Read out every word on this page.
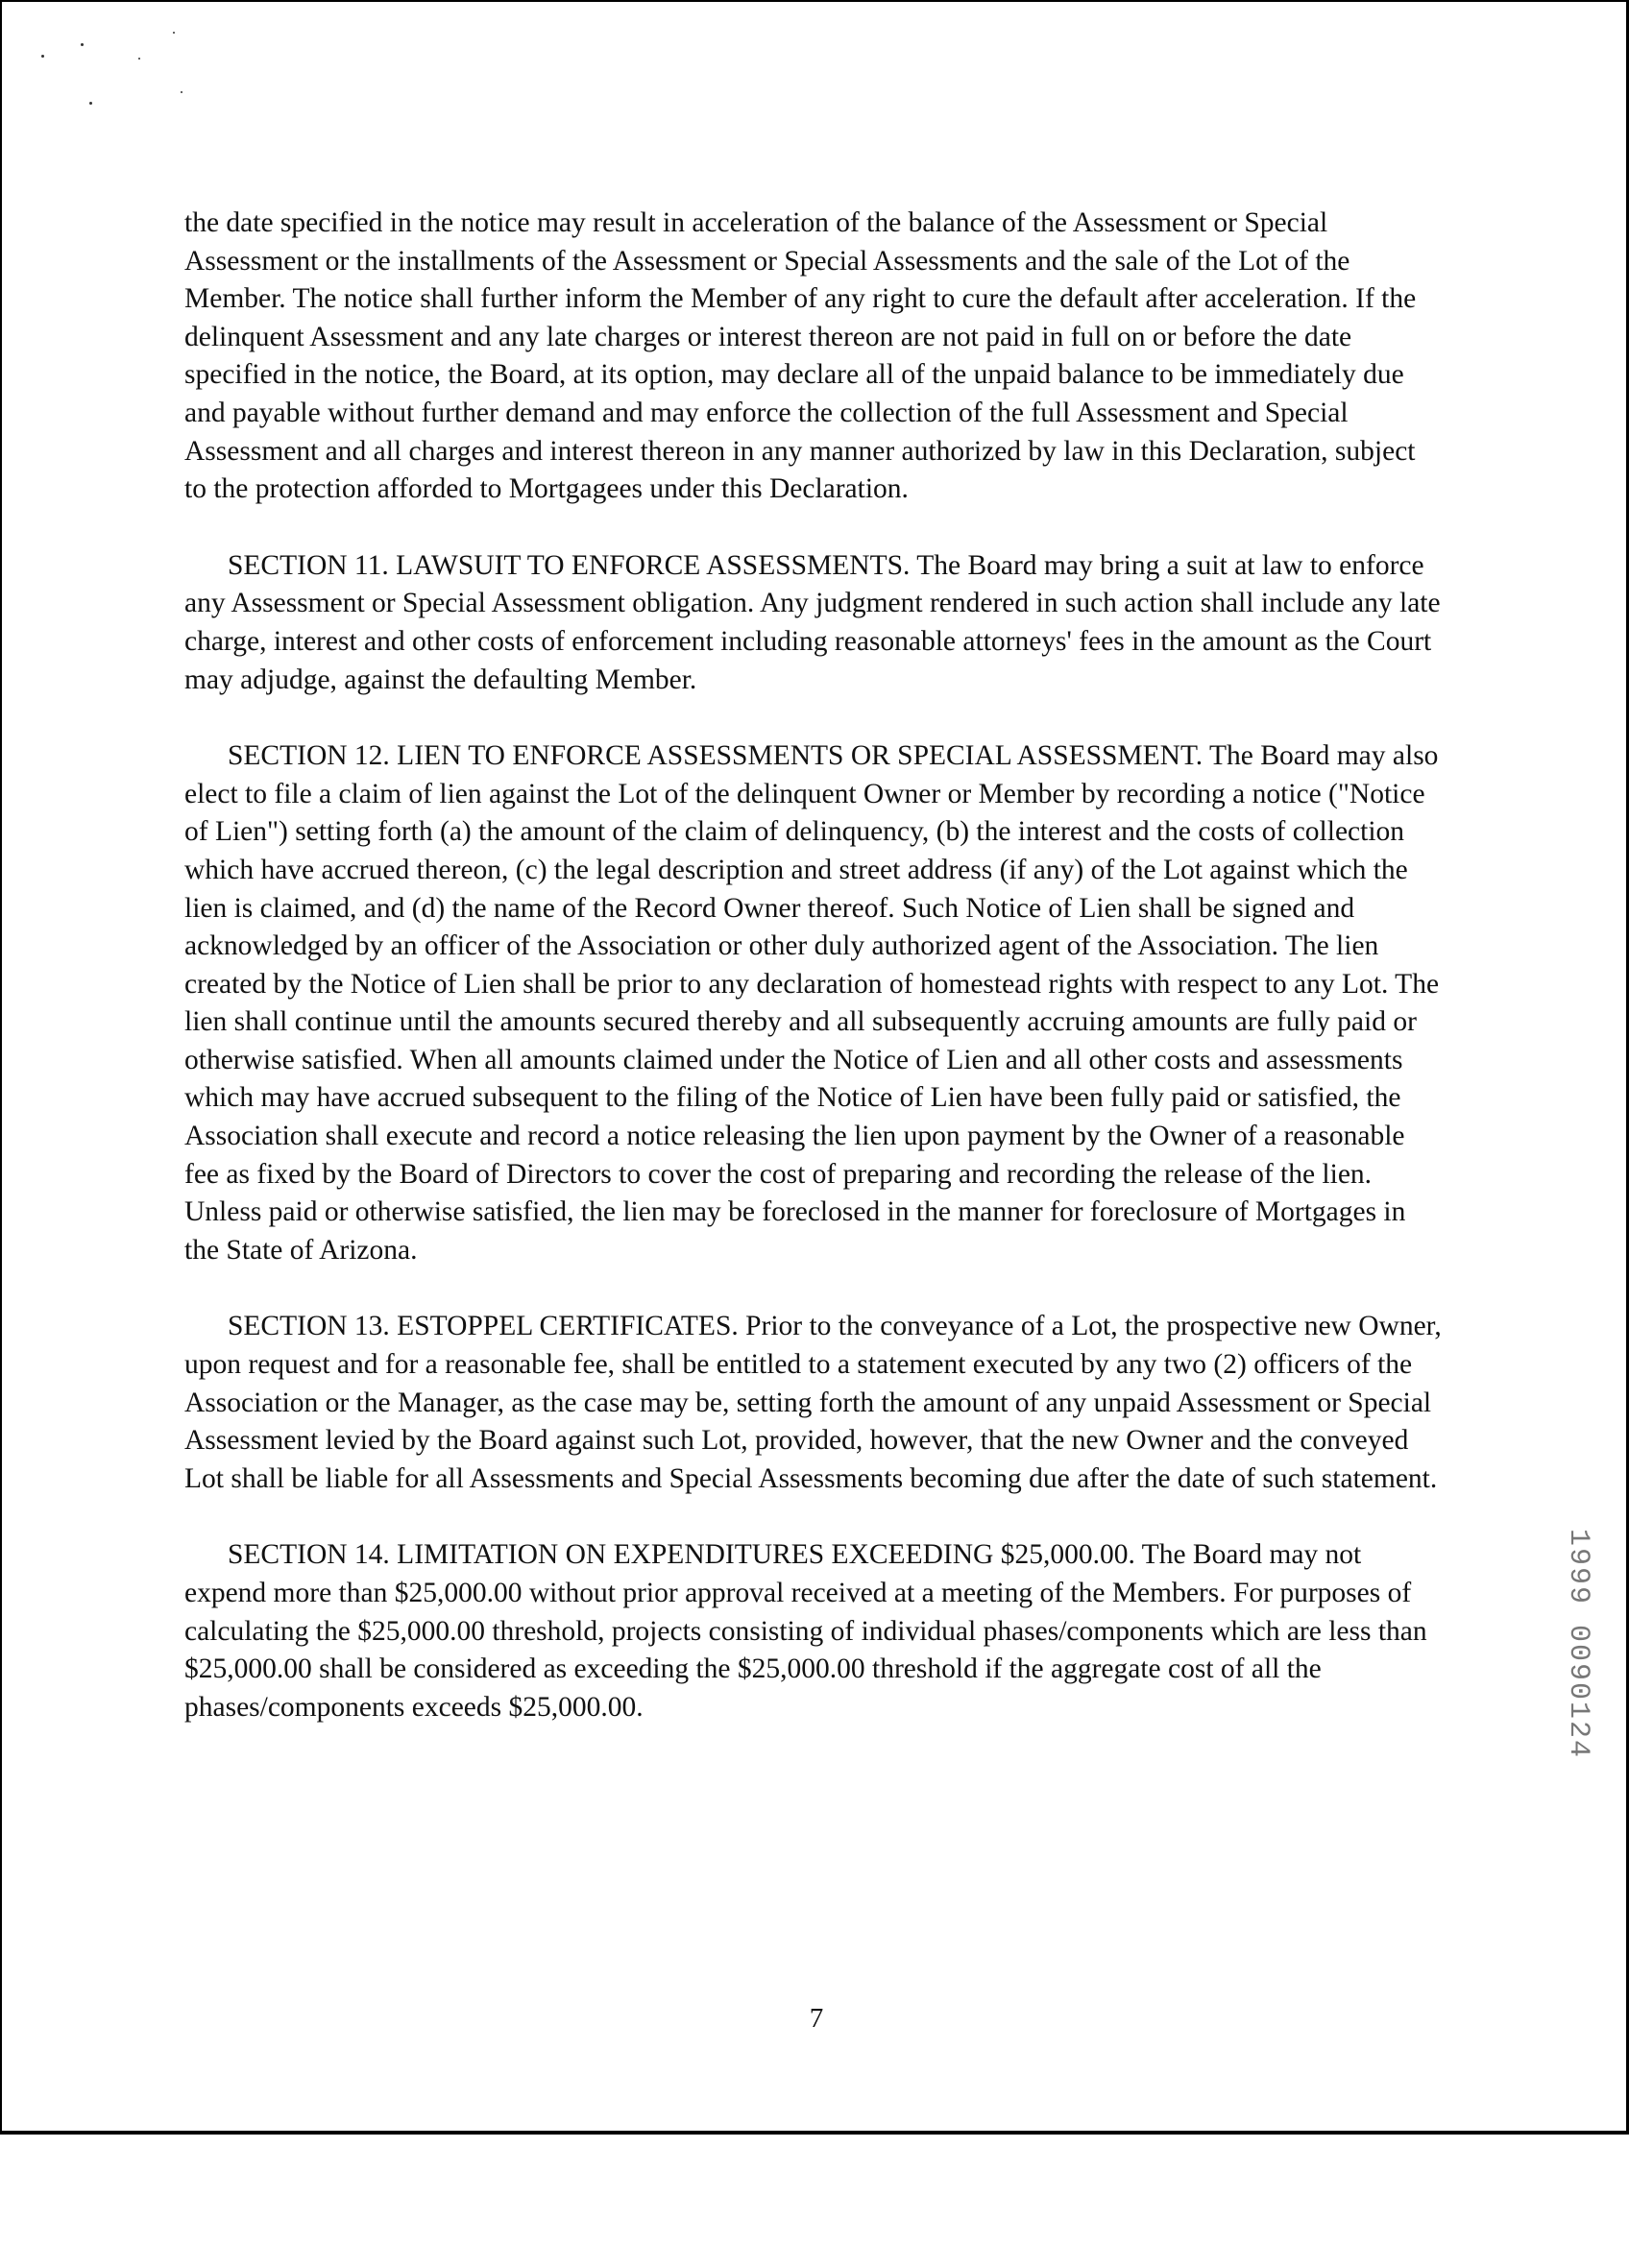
the date specified in the notice may result in acceleration of the balance of the Assessment or Special Assessment or the installments of the Assessment or Special Assessments and the sale of the Lot of the Member. The notice shall further inform the Member of any right to cure the default after acceleration. If the delinquent Assessment and any late charges or interest thereon are not paid in full on or before the date specified in the notice, the Board, at its option, may declare all of the unpaid balance to be immediately due and payable without further demand and may enforce the collection of the full Assessment and Special Assessment and all charges and interest thereon in any manner authorized by law in this Declaration, subject to the protection afforded to Mortgagees under this Declaration.

SECTION 11. LAWSUIT TO ENFORCE ASSESSMENTS. The Board may bring a suit at law to enforce any Assessment or Special Assessment obligation. Any judgment rendered in such action shall include any late charge, interest and other costs of enforcement including reasonable attorneys' fees in the amount as the Court may adjudge, against the defaulting Member.

SECTION 12. LIEN TO ENFORCE ASSESSMENTS OR SPECIAL ASSESSMENT. The Board may also elect to file a claim of lien against the Lot of the delinquent Owner or Member by recording a notice ("Notice of Lien") setting forth (a) the amount of the claim of delinquency, (b) the interest and the costs of collection which have accrued thereon, (c) the legal description and street address (if any) of the Lot against which the lien is claimed, and (d) the name of the Record Owner thereof. Such Notice of Lien shall be signed and acknowledged by an officer of the Association or other duly authorized agent of the Association. The lien created by the Notice of Lien shall be prior to any declaration of homestead rights with respect to any Lot. The lien shall continue until the amounts secured thereby and all subsequently accruing amounts are fully paid or otherwise satisfied. When all amounts claimed under the Notice of Lien and all other costs and assessments which may have accrued subsequent to the filing of the Notice of Lien have been fully paid or satisfied, the Association shall execute and record a notice releasing the lien upon payment by the Owner of a reasonable fee as fixed by the Board of Directors to cover the cost of preparing and recording the release of the lien. Unless paid or otherwise satisfied, the lien may be foreclosed in the manner for foreclosure of Mortgages in the State of Arizona.

SECTION 13. ESTOPPEL CERTIFICATES. Prior to the conveyance of a Lot, the prospective new Owner, upon request and for a reasonable fee, shall be entitled to a statement executed by any two (2) officers of the Association or the Manager, as the case may be, setting forth the amount of any unpaid Assessment or Special Assessment levied by the Board against such Lot, provided, however, that the new Owner and the conveyed Lot shall be liable for all Assessments and Special Assessments becoming due after the date of such statement.

SECTION 14. LIMITATION ON EXPENDITURES EXCEEDING $25,000.00. The Board may not expend more than $25,000.00 without prior approval received at a meeting of the Members. For purposes of calculating the $25,000.00 threshold, projects consisting of individual phases/components which are less than $25,000.00 shall be considered as exceeding the $25,000.00 threshold if the aggregate cost of all the phases/components exceeds $25,000.00.	1999 0090124
7
